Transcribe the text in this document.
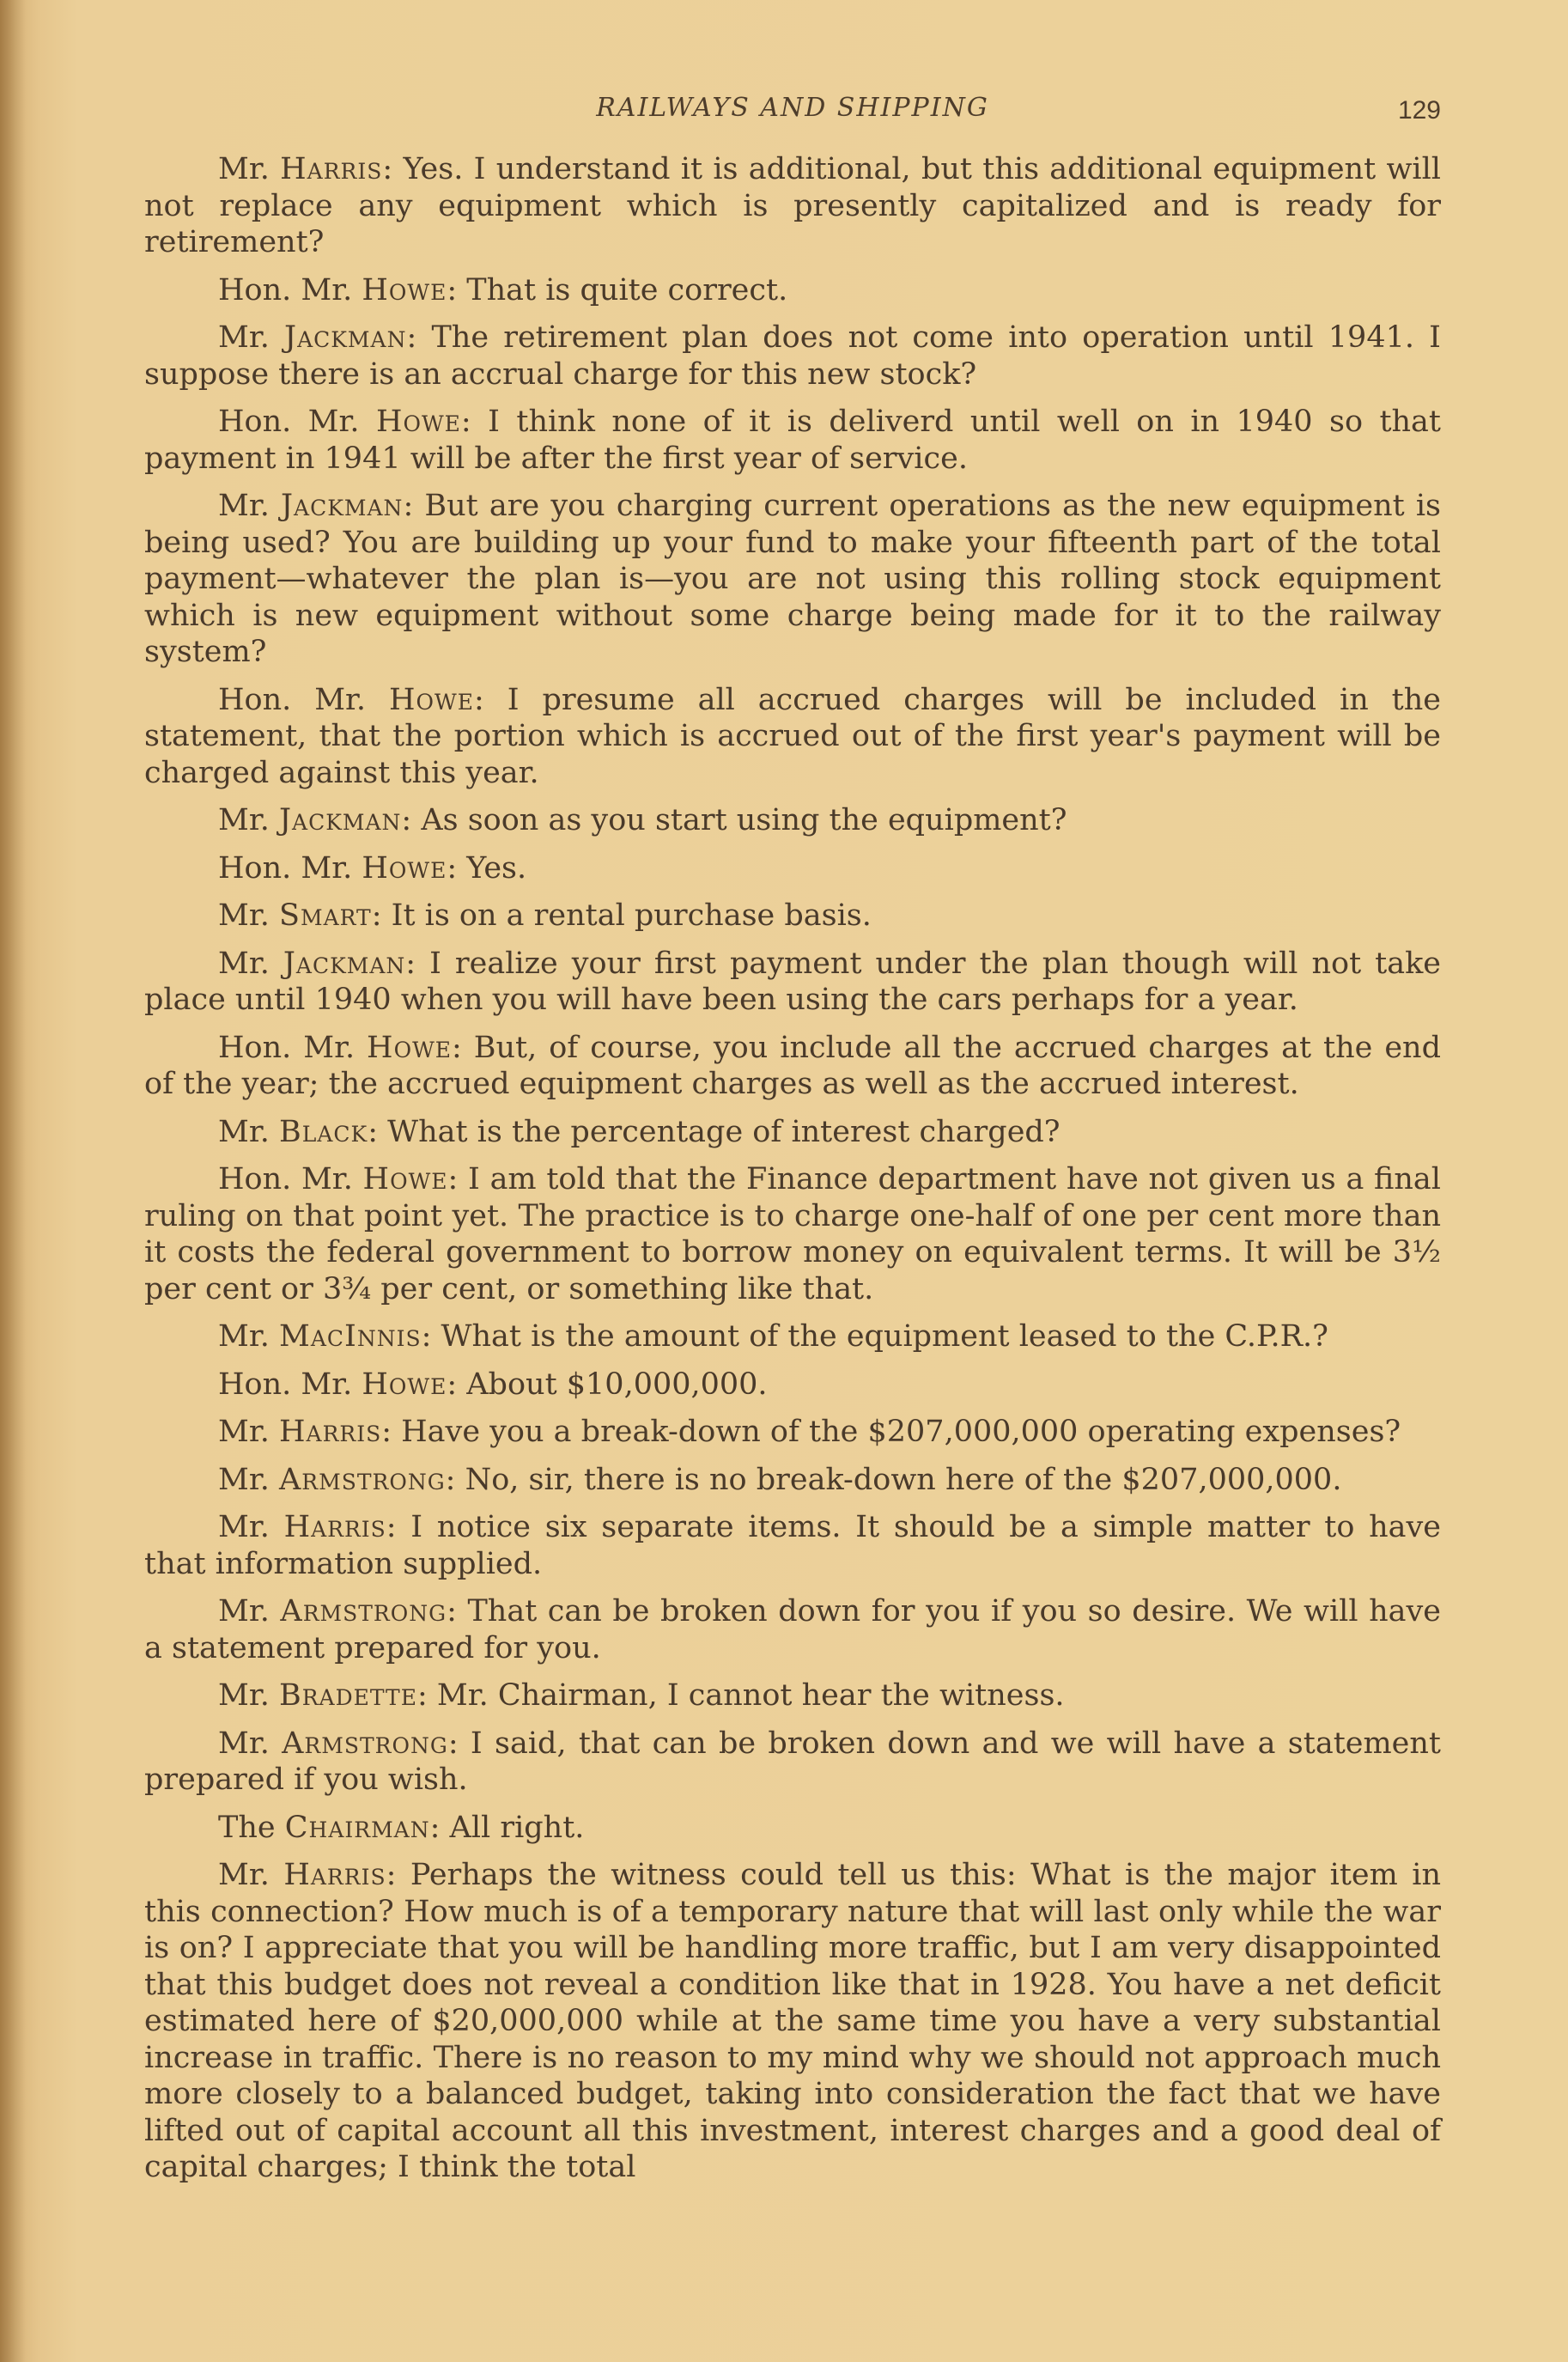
RAILWAYS AND SHIPPING	129

Mr. Harris: Yes. I understand it is additional, but this additional equipment will not replace any equipment which is presently capitalized and is ready for retirement?

Hon. Mr. Howe: That is quite correct.

Mr. Jackman: The retirement plan does not come into operation until 1941. I suppose there is an accrual charge for this new stock?

Hon. Mr. Howe: I think none of it is deliverd until well on in 1940 so that payment in 1941 will be after the first year of service.

Mr. Jackman: But are you charging current operations as the new equipment is being used? You are building up your fund to make your fifteenth part of the total payment—whatever the plan is—you are not using this rolling stock equipment which is new equipment without some charge being made for it to the railway system?

Hon. Mr. Howe: I presume all accrued charges will be included in the statement, that the portion which is accrued out of the first year's payment will be charged against this year.

Mr. Jackman: As soon as you start using the equipment?

Hon. Mr. Howe: Yes.

Mr. Smart: It is on a rental purchase basis.

Mr. Jackman: I realize your first payment under the plan though will not take place until 1940 when you will have been using the cars perhaps for a year.

Hon. Mr. Howe: But, of course, you include all the accrued charges at the end of the year; the accrued equipment charges as well as the accrued interest.

Mr. Black: What is the percentage of interest charged?

Hon. Mr. Howe: I am told that the Finance department have not given us a final ruling on that point yet. The practice is to charge one-half of one per cent more than it costs the federal government to borrow money on equivalent terms. It will be 3½ per cent or 3¾ per cent, or something like that.

Mr. MacInnis: What is the amount of the equipment leased to the C.P.R.?

Hon. Mr. Howe: About $10,000,000.

Mr. Harris: Have you a break-down of the $207,000,000 operating expenses?

Mr. Armstrong: No, sir, there is no break-down here of the $207,000,000.

Mr. Harris: I notice six separate items. It should be a simple matter to have that information supplied.

Mr. Armstrong: That can be broken down for you if you so desire. We will have a statement prepared for you.

Mr. Bradette: Mr. Chairman, I cannot hear the witness.

Mr. Armstrong: I said, that can be broken down and we will have a statement prepared if you wish.

The Chairman: All right.

Mr. Harris: Perhaps the witness could tell us this: What is the major item in this connection? How much is of a temporary nature that will last only while the war is on? I appreciate that you will be handling more traffic, but I am very disappointed that this budget does not reveal a condition like that in 1928. You have a net deficit estimated here of $20,000,000 while at the same time you have a very substantial increase in traffic. There is no reason to my mind why we should not approach much more closely to a balanced budget, taking into consideration the fact that we have lifted out of capital account all this investment, interest charges and a good deal of capital charges; I think the total
